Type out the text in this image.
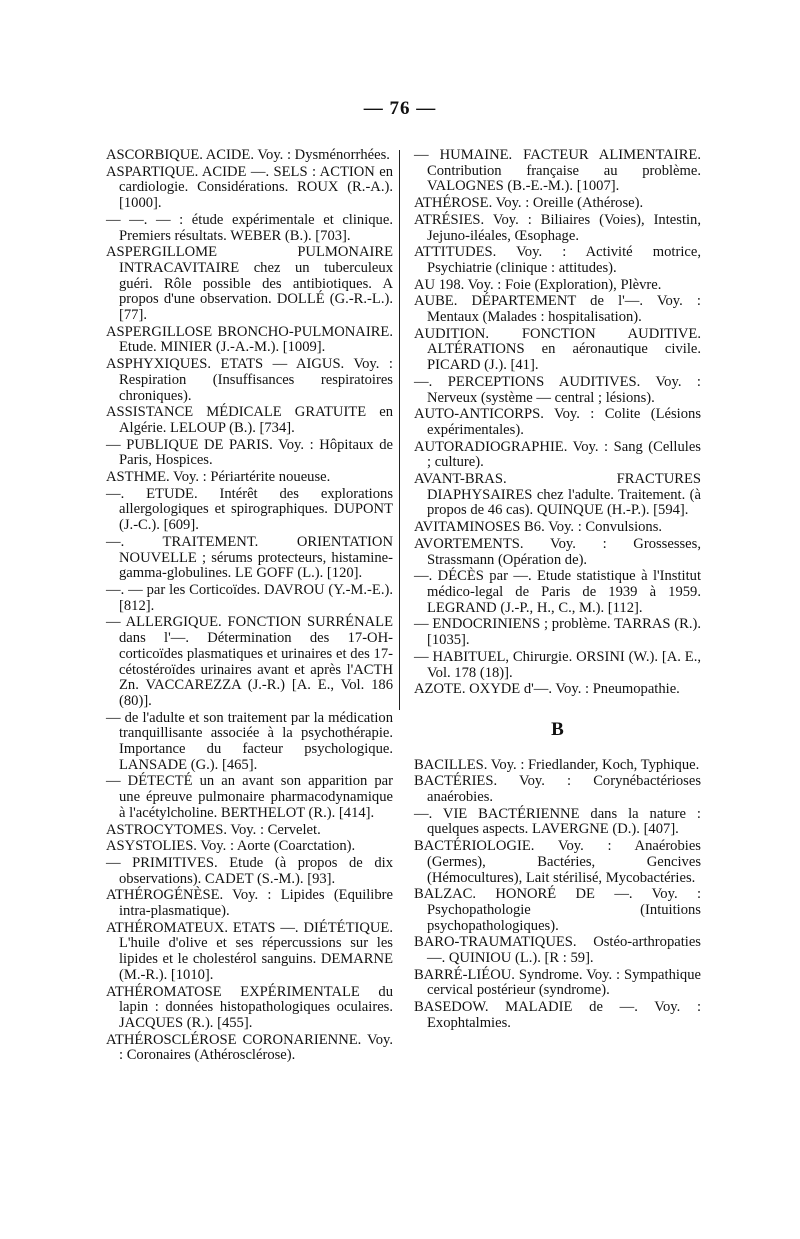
— 76 —

ASCORBIQUE. ACIDE. Voy. : Dysménorrhées.

ASPARTIQUE. ACIDE —. SELS : ACTION en cardiologie. Considérations. ROUX (R.-A.). [1000].

— —. — : étude expérimentale et clinique. Premiers résultats. WEBER (B.). [703].

ASPERGILLOME PULMONAIRE INTRACAVITAIRE chez un tuberculeux guéri. Rôle possible des antibiotiques. A propos d'une observation. DOLLÉ (G.-R.-L.). [77].

ASPERGILLOSE BRONCHO-PULMONAIRE. Etude. MINIER (J.-A.-M.). [1009].

ASPHYXIQUES. ETATS — AIGUS. Voy. : Respiration (Insuffisances respiratoires chroniques).

ASSISTANCE MÉDICALE GRATUITE en Algérie. LELOUP (B.). [734].

— PUBLIQUE DE PARIS. Voy. : Hôpitaux de Paris, Hospices.

ASTHME. Voy. : Périartérite noueuse.

—. ETUDE. Intérêt des explorations allergologiques et spirographiques. DUPONT (J.-C.). [609].

—. TRAITEMENT. ORIENTATION NOUVELLE ; sérums protecteurs, histamine-gamma-globulines. LE GOFF (L.). [120].

—. — par les Corticoïdes. DAVROU (Y.-M.-E.). [812].

— ALLERGIQUE. FONCTION SURRÉNALE dans l'—. Détermination des 17-OH-corticoïdes plasmatiques et urinaires et des 17-cétostéroïdes urinaires avant et après l'ACTH Zn. VACCAREZZA (J.-R.) [A. E., Vol. 186 (80)].

— de l'adulte et son traitement par la médication tranquillisante associée à la psychothérapie. Importance du facteur psychologique. LANSADE (G.). [465].

— DÉTECTÉ un an avant son apparition par une épreuve pulmonaire pharmacodynamique à l'acétylcholine. BERTHELOT (R.). [414].

ASTROCYTOMES. Voy. : Cervelet.

ASYSTOLIES. Voy. : Aorte (Coarctation).

— PRIMITIVES. Etude (à propos de dix observations). CADET (S.-M.). [93].

ATHÉROGÉNÈSE. Voy. : Lipides (Equilibre intra-plasmatique).

ATHÉROMATEUX. ETATS —. DIÉTÉTIQUE. L'huile d'olive et ses répercussions sur les lipides et le cholestérol sanguins. DEMARNE (M.-R.). [1010].

ATHÉROMATOSE EXPÉRIMENTALE du lapin : données histopathologiques oculaires. JACQUES (R.). [455].

ATHÉROSCLÉROSE CORONARIENNE. Voy. : Coronaires (Athérosclérose).

— HUMAINE. FACTEUR ALIMENTAIRE. Contribution française au problème. VALOGNES (B.-E.-M.). [1007].

ATHÉROSE. Voy. : Oreille (Athérose).

ATRÉSIES. Voy. : Biliaires (Voies), Intestin, Jejuno-iléales, Œsophage.

ATTITUDES. Voy. : Activité motrice, Psychiatrie (clinique : attitudes).

AU 198. Voy. : Foie (Exploration), Plèvre.

AUBE. DÉPARTEMENT de l'—. Voy. : Mentaux (Malades : hospitalisation).

AUDITION. FONCTION AUDITIVE. ALTÉRATIONS en aéronautique civile. PICARD (J.). [41].

—. PERCEPTIONS AUDITIVES. Voy. : Nerveux (système — central ; lésions).

AUTO-ANTICORPS. Voy. : Colite (Lésions expérimentales).

AUTORADIOGRAPHIE. Voy. : Sang (Cellules ; culture).

AVANT-BRAS. FRACTURES DIAPHYSAIRES chez l'adulte. Traitement. (à propos de 46 cas). QUINQUE (H.-P.). [594].

AVITAMINOSES B6. Voy. : Convulsions.

AVORTEMENTS. Voy. : Grossesses, Strassmann (Opération de).

—. DÉCÈS par —. Etude statistique à l'Institut médico-legal de Paris de 1939 à 1959. LEGRAND (J.-P., H., C., M.). [112].

— ENDOCRINIENS ; problème. TARRAS (R.). [1035].

— HABITUEL, Chirurgie. ORSINI (W.). [A. E., Vol. 178 (18)].

AZOTE. OXYDE d'—. Voy. : Pneumopathie.

B

BACILLES. Voy. : Friedlander, Koch, Typhique.

BACTÉRIES. Voy. : Corynébactérioses anaérobies.

—. VIE BACTÉRIENNE dans la nature : quelques aspects. LAVERGNE (D.). [407].

BACTÉRIOLOGIE. Voy. : Anaérobies (Germes), Bactéries, Gencives (Hémocultures), Lait stérilisé, Mycobactéries.

BALZAC. HONORÉ DE —. Voy. : Psychopathologie (Intuitions psychopathologiques).

BARO-TRAUMATIQUES. Ostéo-arthropaties —. QUINIOU (L.). [R : 59].

BARRÉ-LIÉOU. Syndrome. Voy. : Sympathique cervical postérieur (syndrome).

BASEDOW. MALADIE de —. Voy. : Exophtalmies.
